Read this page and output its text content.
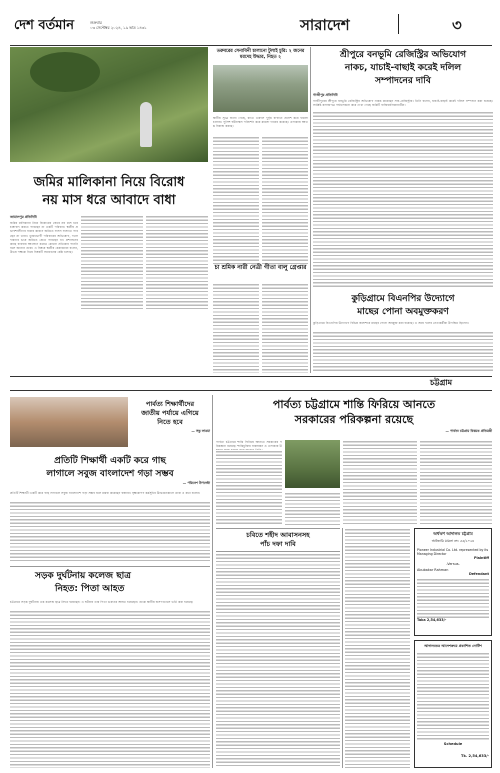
দেশ বর্তমান	শুক্রবার
০৩ সেপ্টেম্বর ২০২৪, ১৯ ভাদ্র ১৪৩১	সারাদেশ	৩
জমির মালিকানা নিয়ে বিরোধ
নয় মাস ধরে আবাদে বাধা
জামালপুর প্রতিনিধি
জমির মালিকানা নিয়ে বিরোধের জেরে নয় মাস ধরে চাষাবাদ করতে পারছেন না একটি পরিবার। স্থানীয় প্রভাবশালীদের বাধার কারণে জমিতে ফসল ফলাতে পারছেন না তারা। ভুক্তভোগী পরিবারের অভিযোগ, দখলদারদের ভয়ে জমিতে যেতে পারছেন না। প্রশাসনের কাছে বারবার আবেদন করেও কোনো প্রতিকার পাননি বলে জানান তারা। এ বিষয়ে স্থানীয় চেয়ারম্যান বলেন, উভয় পক্ষকে নিয়ে বিষয়টি সমাধানের চেষ্টা চলছে।
তরুবরের সেনাবিনী চালানো টুলাই চুরি: ২ জনের মরদেহ উদ্ধার, নিহত ২
স্থানীয় সূত্রে জানা গেছে, রাতে একদল দুর্বৃত্ত বাগানে প্রবেশ করে হামলা চালায়। পুলিশ ঘটনাস্থল পরিদর্শন করে মামলা দায়ের করেছে। এলাকায় আতঙ্ক বিরাজ করছে।
চা শ্রমিক নারী নেত্রী গীতা বালু গ্রেপ্তার
শ্রীপুরে বনভূমি রেজিস্ট্রির অভিযোগ
নাকচ, যাচাই-বাছাই করেই দলিল
সম্পাদনের দাবি
গাজীপুর প্রতিনিধি
গাজীপুরের শ্রীপুরে বনভূমি রেজিস্ট্রির অভিযোগ নাকচ করেছেন সাব-রেজিস্ট্রার। তিনি বলেন, যাচাই-বাছাই করেই দলিল সম্পাদন করা হয়েছে। সংশ্লিষ্ট কাগজপত্র পর্যালোচনা করে দেখা গেছে জমিটি ব্যক্তিমালিকানাধীন।
কুড়িগ্রামে বিএনপির উদ্যোগে
মাছের পোনা অবমুক্তকরণ
কুড়িগ্রামে বিএনপির উদ্যোগে বিভিন্ন জলাশয়ে মাছের পোনা অবমুক্ত করা হয়েছে। এ সময় দলের নেতাকর্মীরা উপস্থিত ছিলেন।
চট্টগ্রাম
পার্বত্য শিক্ষার্থীদের
জাতীয় পর্যায়ে এগিয়ে
নিতে হবে
— সন্তু লারমা
প্রতিটি শিক্ষার্থী একটি করে গাছ
লাগালে সবুজ বাংলাদেশ গড়া সম্ভব
— পরিবেশ উপদেষ্টা
প্রতিটি শিক্ষার্থী একটি করে গাছ লাগালে সবুজ বাংলাদেশ গড়া সম্ভব বলে মন্তব্য করেছেন বক্তারা। বৃক্ষরোপণ কর্মসূচির উদ্বোধনকালে তারা এ কথা বলেন।
সড়ক দুর্ঘটনায় কলেজ ছাত্র
নিহত: পিতা আহত
চট্টগ্রামে সড়ক দুর্ঘটনায় এক কলেজ ছাত্র নিহত হয়েছেন। এ ঘটনায় তার পিতা গুরুতর আহত হয়েছেন। তাকে স্থানীয় হাসপাতালে ভর্তি করা হয়েছে।
পার্বত্য চট্টগ্রামে শান্তি ফিরিয়ে আনতে
সরকারের পরিকল্পনা রয়েছে
— পার্বত্য চট্টগ্রাম বিষয়ক প্রতিমন্ত্রী
পার্বত্য চট্টগ্রামে শান্তি ফিরিয়ে আনতে সরকারের পরিকল্পনা রয়েছে। শান্তিচুক্তির বাস্তবায়ন ও এলাকার উ
চবিতে শহীদ আবাসনসহ
পাঁচ দফা দাবি
অর্থঋণ আদালত চট্টগ্রাম
অর্থজারি মামলা নং: ৫৫/২০২৪
Pioneer Industrial Co. Ltd. represented by its Managing Director
Plaintiff
-Versus-
Abubakar Rahman
Defendant
Taka 2,54,633/-
আদালতের আদেশক্রমে প্রকাশিত নোটিশ
Schedule
Tk. 2,54,633/-
